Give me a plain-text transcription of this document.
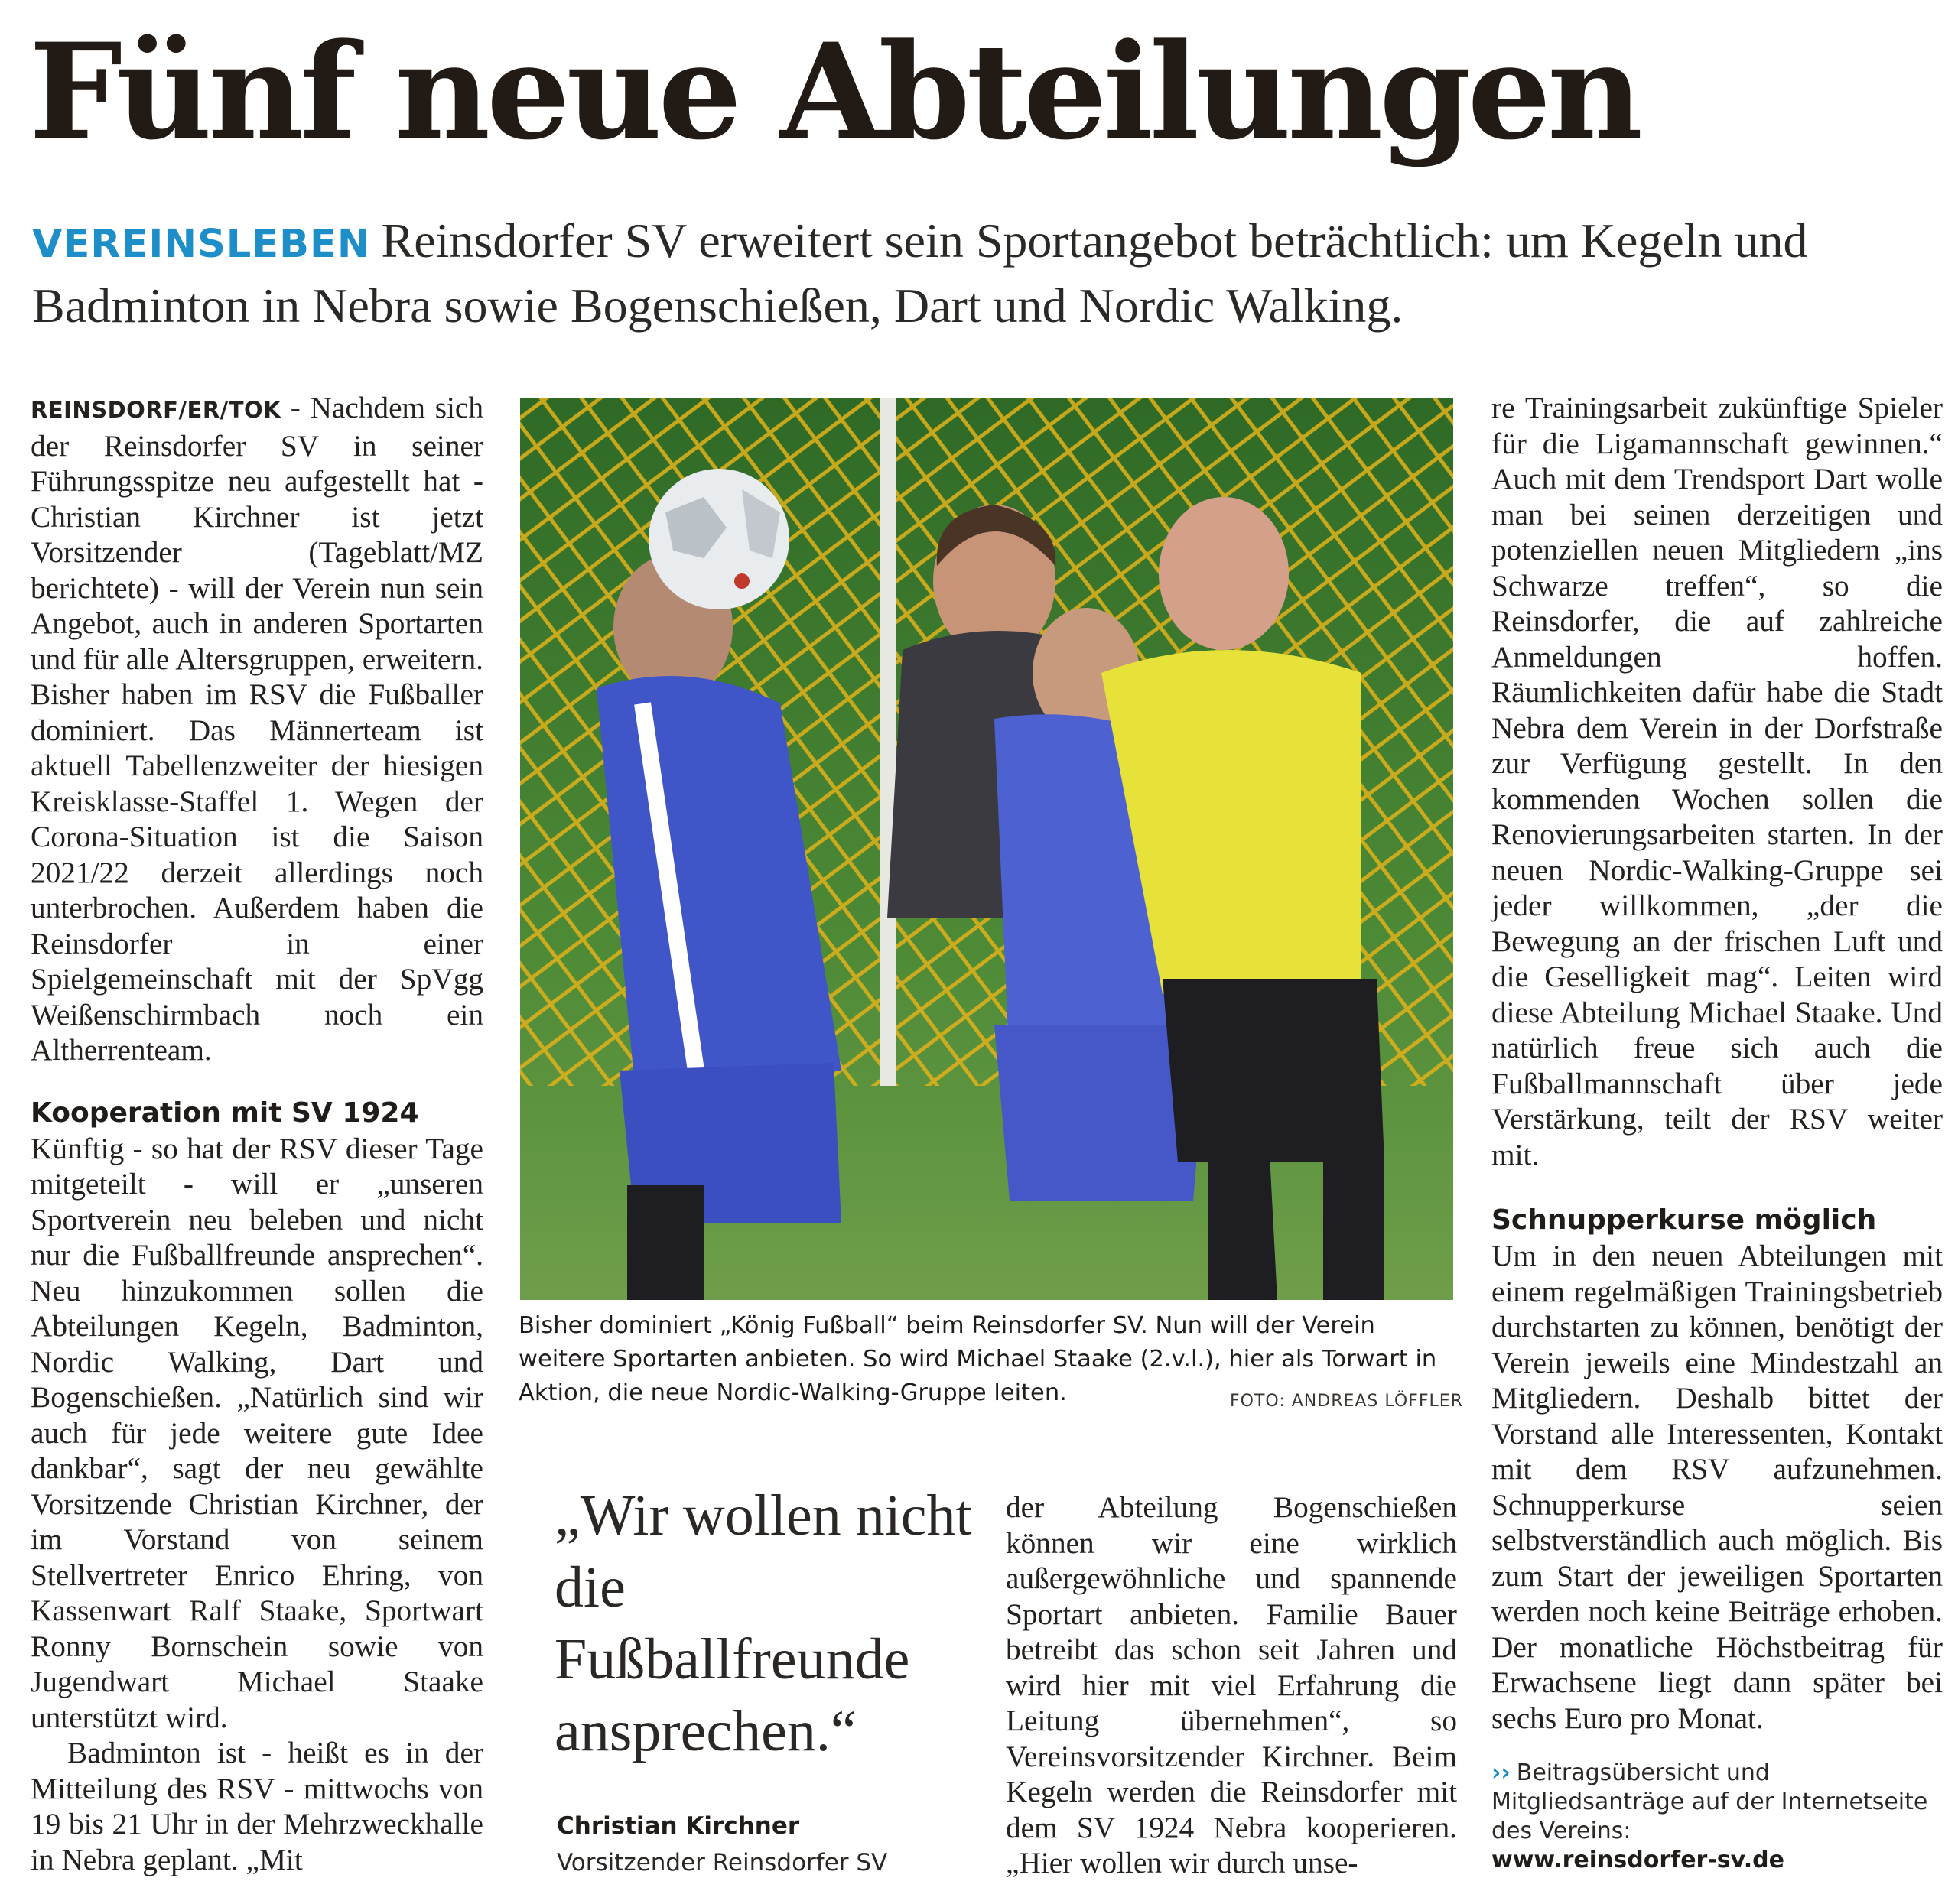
Fünf neue Abteilungen

VEREINSLEBEN Reinsdorfer SV erweitert sein Sportangebot beträchtlich: um Kegeln und Badminton in Nebra sowie Bogenschießen, Dart und Nordic Walking.

REINSDORF/ER/TOK - Nachdem sich der Reinsdorfer SV in seiner Führungsspitze neu aufgestellt hat - Christian Kirchner ist jetzt Vorsitzender (Tageblatt/MZ berichtete) - will der Verein nun sein Angebot, auch in anderen Sportarten und für alle Altersgruppen, erweitern. Bisher haben im RSV die Fußballer dominiert. Das Männerteam ist aktuell Tabellenzweiter der hiesigen Kreisklasse-Staffel 1. Wegen der Corona-Situation ist die Saison 2021/22 derzeit allerdings noch unterbrochen. Außerdem haben die Reinsdorfer in einer Spielgemeinschaft mit der SpVgg Weißenschirmbach noch ein Altherrenteam.

Kooperation mit SV 1924

Künftig - so hat der RSV dieser Tage mitgeteilt - will er „unseren Sportverein neu beleben und nicht nur die Fußballfreunde ansprechen“. Neu hinzukommen sollen die Abteilungen Kegeln, Badminton, Nordic Walking, Dart und Bogenschießen. „Natürlich sind wir auch für jede weitere gute Idee dankbar“, sagt der neu gewählte Vorsitzende Christian Kirchner, der im Vorstand von seinem Stellvertreter Enrico Ehring, von Kassenwart Ralf Staake, Sportwart Ronny Bornschein sowie von Jugendwart Michael Staake unterstützt wird.

Badminton ist - heißt es in der Mitteilung des RSV - mittwochs von 19 bis 21 Uhr in der Mehrzweckhalle in Nebra geplant. „Mit

Bisher dominiert „König Fußball“ beim Reinsdorfer SV. Nun will der Verein weitere Sportarten anbieten. So wird Michael Staake (2.v.l.), hier als Torwart in Aktion, die neue Nordic-Walking-Gruppe leiten.	FOTO: ANDREAS LÖFFLER

„Wir wollen nicht die Fußballfreunde ansprechen.“

Christian Kirchner
Vorsitzender Reinsdorfer SV

der Abteilung Bogenschießen können wir eine wirklich außergewöhnliche und spannende Sportart anbieten. Familie Bauer betreibt das schon seit Jahren und wird hier mit viel Erfahrung die Leitung übernehmen“, so Vereinsvorsitzender Kirchner. Beim Kegeln werden die Reinsdorfer mit dem SV 1924 Nebra kooperieren. „Hier wollen wir durch unse-

re Trainingsarbeit zukünftige Spieler für die Ligamannschaft gewinnen.“ Auch mit dem Trendsport Dart wolle man bei seinen derzeitigen und potenziellen neuen Mitgliedern „ins Schwarze treffen“, so die Reinsdorfer, die auf zahlreiche Anmeldungen hoffen. Räumlichkeiten dafür habe die Stadt Nebra dem Verein in der Dorfstraße zur Verfügung gestellt. In den kommenden Wochen sollen die Renovierungsarbeiten starten. In der neuen Nordic-Walking-Gruppe sei jeder willkommen, „der die Bewegung an der frischen Luft und die Geselligkeit mag“. Leiten wird diese Abteilung Michael Staake. Und natürlich freue sich auch die Fußballmannschaft über jede Verstärkung, teilt der RSV weiter mit.

Schnupperkurse möglich

Um in den neuen Abteilungen mit einem regelmäßigen Trainingsbetrieb durchstarten zu können, benötigt der Verein jeweils eine Mindestzahl an Mitgliedern. Deshalb bittet der Vorstand alle Interessenten, Kontakt mit dem RSV aufzunehmen. Schnupperkurse seien selbstverständlich auch möglich. Bis zum Start der jeweiligen Sportarten werden noch keine Beiträge erhoben. Der monatliche Höchstbeitrag für Erwachsene liegt dann später bei sechs Euro pro Monat.

›› Beitragsübersicht und Mitgliedsanträge auf der Internetseite des Vereins:
www.reinsdorfer-sv.de
